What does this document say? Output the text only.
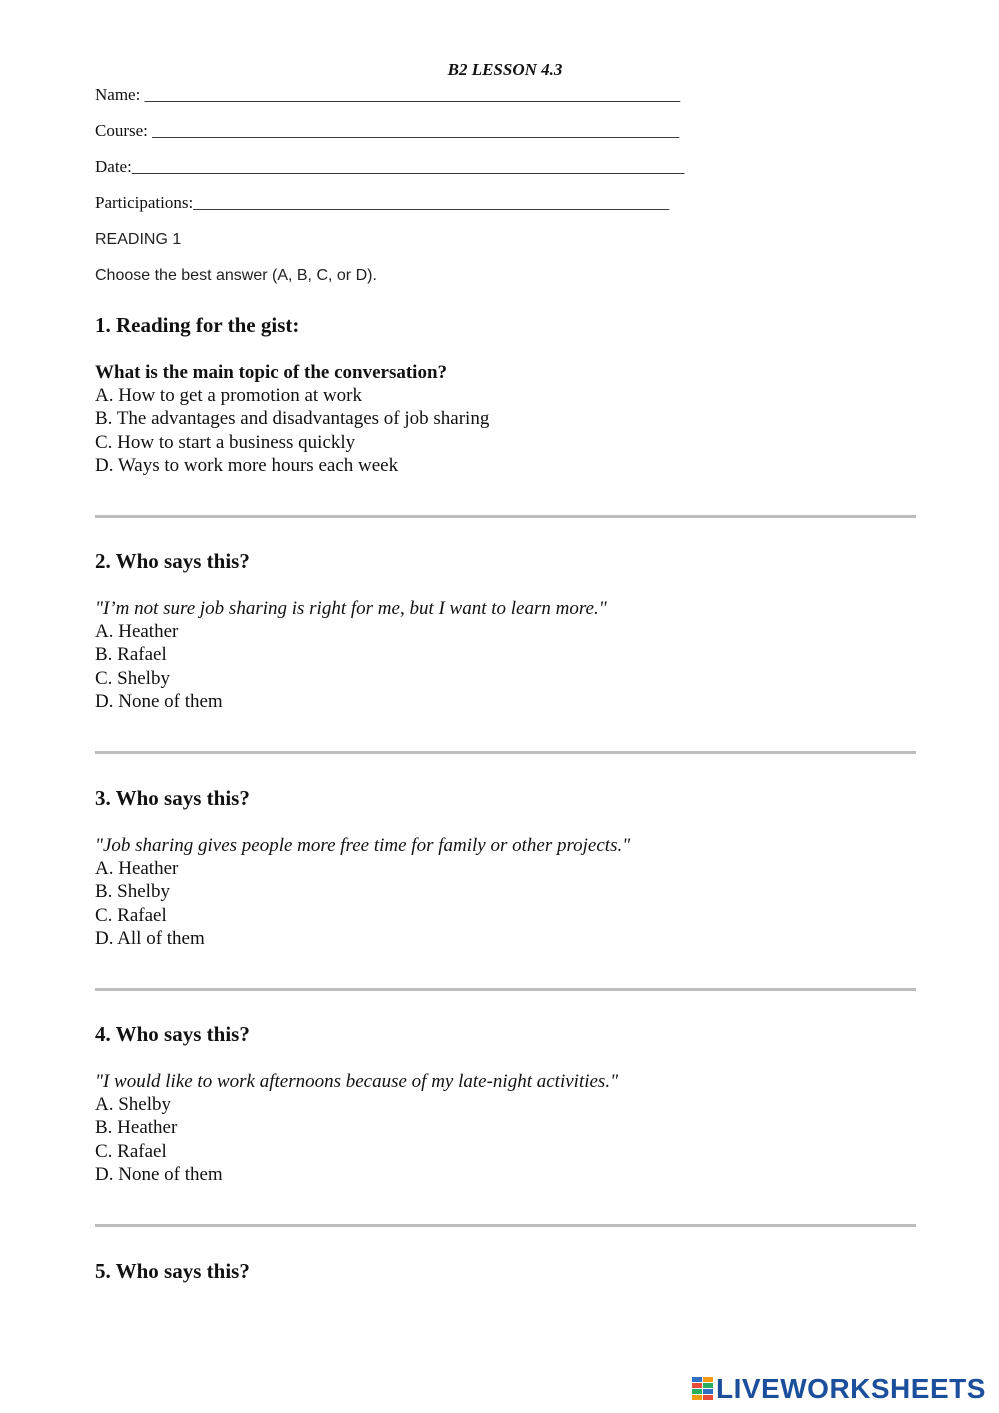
B2 LESSON 4.3
Name: _______________________________________________________________
Course: ______________________________________________________________
Date:_________________________________________________________________
Participations:________________________________________________________
READING 1
Choose the best answer (A, B, C, or D).
1. Reading for the gist:
What is the main topic of the conversation?
A. How to get a promotion at work
B. The advantages and disadvantages of job sharing
C. How to start a business quickly
D. Ways to work more hours each week
2. Who says this?
"I’m not sure job sharing is right for me, but I want to learn more."
A. Heather
B. Rafael
C. Shelby
D. None of them
3. Who says this?
"Job sharing gives people more free time for family or other projects."
A. Heather
B. Shelby
C. Rafael
D. All of them
4. Who says this?
"I would like to work afternoons because of my late-night activities."
A. Shelby
B. Heather
C. Rafael
D. None of them
5. Who says this?
LIVEWORKSHEETS
